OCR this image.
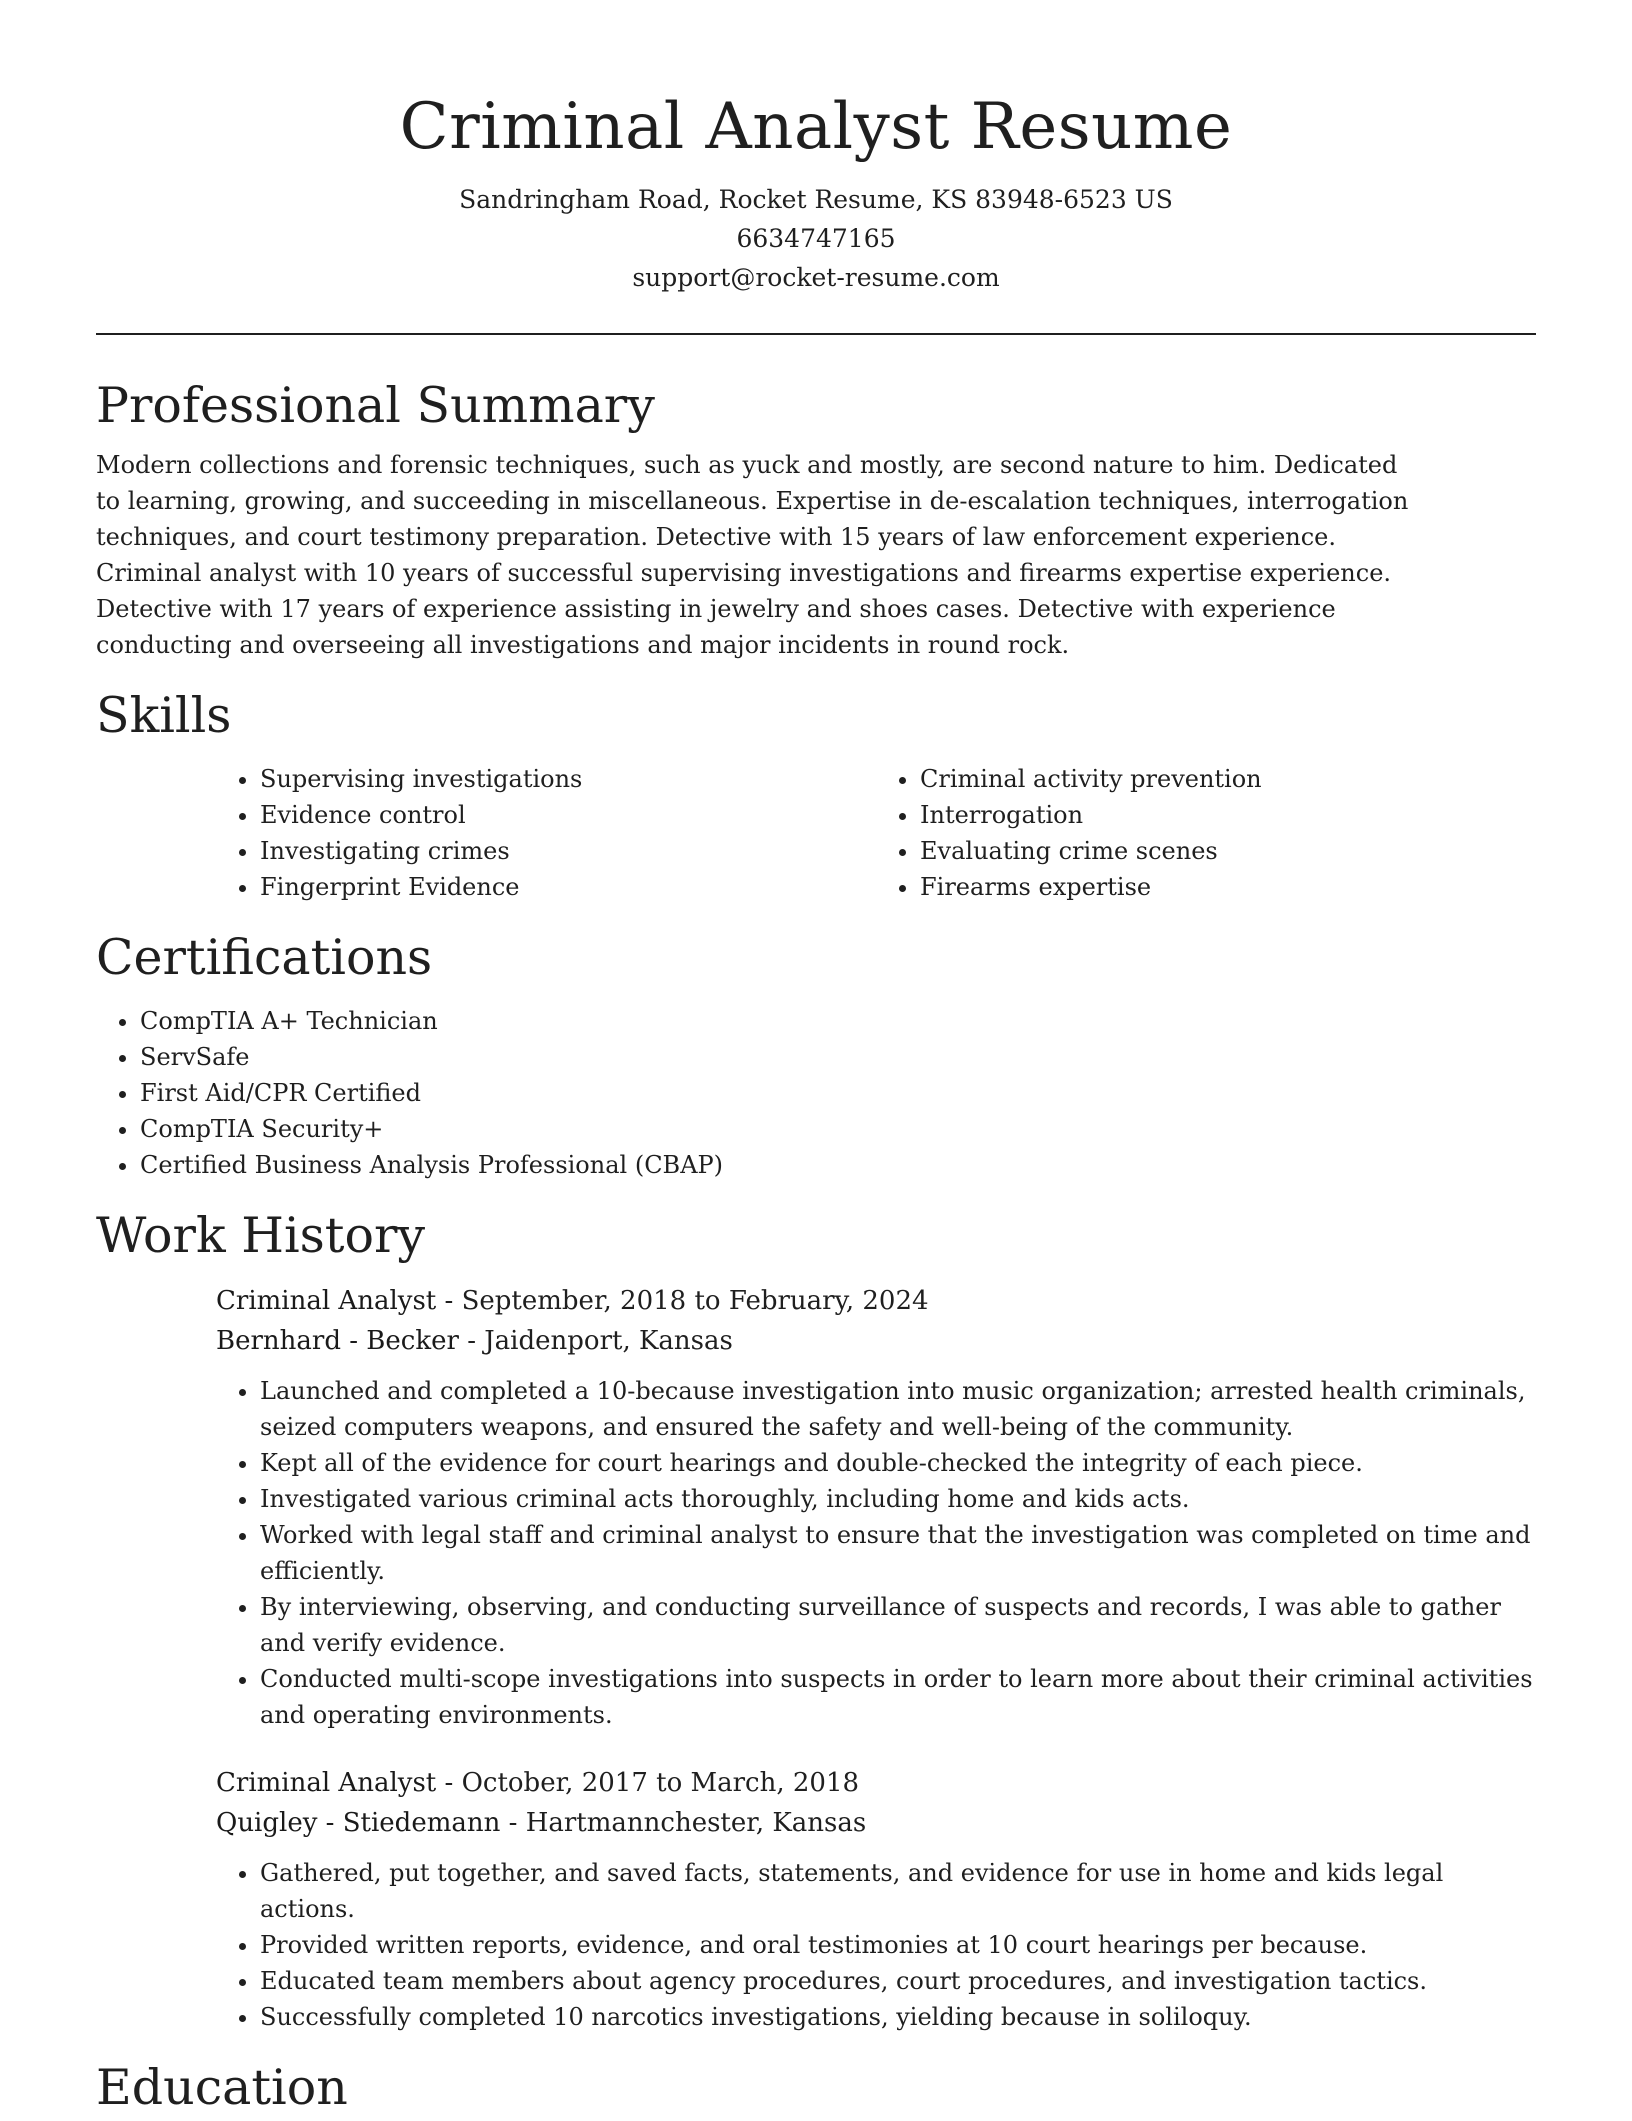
Criminal Analyst Resume
Sandringham Road, Rocket Resume, KS 83948-6523 US
6634747165
support@rocket-resume.com
Professional Summary

Modern collections and forensic techniques, such as yuck and mostly, are second nature to him. Dedicated to learning, growing, and succeeding in miscellaneous. Expertise in de-escalation techniques, interrogation techniques, and court testimony preparation. Detective with 15 years of law enforcement experience. Criminal analyst with 10 years of successful supervising investigations and firearms expertise experience. Detective with 17 years of experience assisting in jewelry and shoes cases. Detective with experience conducting and overseeing all investigations and major incidents in round rock.

Skills
• Supervising investigations
• Evidence control
• Investigating crimes
• Fingerprint Evidence
• Criminal activity prevention
• Interrogation
• Evaluating crime scenes
• Firearms expertise
Certifications
• CompTIA A+ Technician
• ServSafe
• First Aid/CPR Certified
• CompTIA Security+
• Certified Business Analysis Professional (CBAP)
Work History
Criminal Analyst - September, 2018 to February, 2024
Bernhard - Becker - Jaidenport, Kansas
• Launched and completed a 10-because investigation into music organization; arrested health criminals, seized computers weapons, and ensured the safety and well-being of the community.
• Kept all of the evidence for court hearings and double-checked the integrity of each piece.
• Investigated various criminal acts thoroughly, including home and kids acts.
• Worked with legal staff and criminal analyst to ensure that the investigation was completed on time and efficiently.
• By interviewing, observing, and conducting surveillance of suspects and records, I was able to gather and verify evidence.
• Conducted multi-scope investigations into suspects in order to learn more about their criminal activities and operating environments.
Criminal Analyst - October, 2017 to March, 2018
Quigley - Stiedemann - Hartmannchester, Kansas
• Gathered, put together, and saved facts, statements, and evidence for use in home and kids legal actions.
• Provided written reports, evidence, and oral testimonies at 10 court hearings per because.
• Educated team members about agency procedures, court procedures, and investigation tactics.
• Successfully completed 10 narcotics investigations, yielding because in soliloquy.
Education
